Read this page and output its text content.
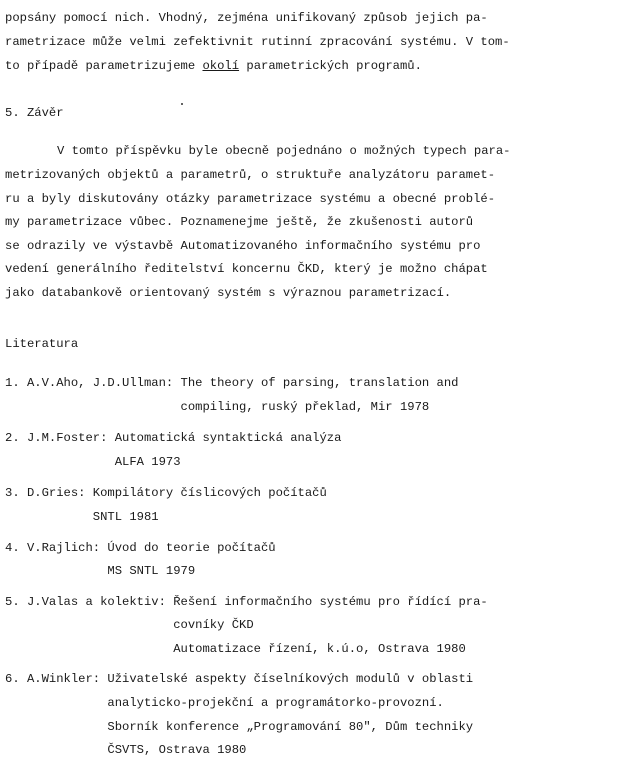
popsány pomocí nich. Vhodný, zejména unifikovaný způsob jejich pa-
rametrizace může velmi zefektivnit rutinní zpracování systému. V tom-
to případě parametrizujeme okolí parametrických programů.
5. Závěr
V tomto příspěvku byle obecně pojednáno o možných typech para-
metrizovaných objektů a parametrů, o struktuře analyzátoru paramet-
ru a byly diskutovány otázky parametrizace systému a obecné problé-
my parametrizace vůbec. Poznamenejme ještě, že zkušenosti autorů
se odrazily ve výstavbě Automatizovaného informačního systému pro
vedení generálního ředitelství koncernu ČKD, který je možno chápat
jako databankově orientovaný systém s výraznou parametrizací.
Literatura
1. A.V.Aho, J.D.Ullman: The theory of parsing, translation and
compiling, ruský překlad, Mir 1978
2. J.M.Foster: Automatická syntaktická analýza
ALFA 1973
3. D.Gries: Kompilátory číslicových počítačů
SNTL 1981
4. V.Rajlich: Úvod do teorie počítačů
MS SNTL 1979
5. J.Valas a kolektiv: Řešení informačního systému pro řídící pra-
covníky ČKD
Automatizace řízení, k.ú.o, Ostrava 1980
6. A.Winkler: Uživatelské aspekty číselníkových modulů v oblasti
analyticko-projekční a programátorko-provozní.
Sborník konference „Programování 80", Dům techniky
ČSVTS, Ostrava 1980
